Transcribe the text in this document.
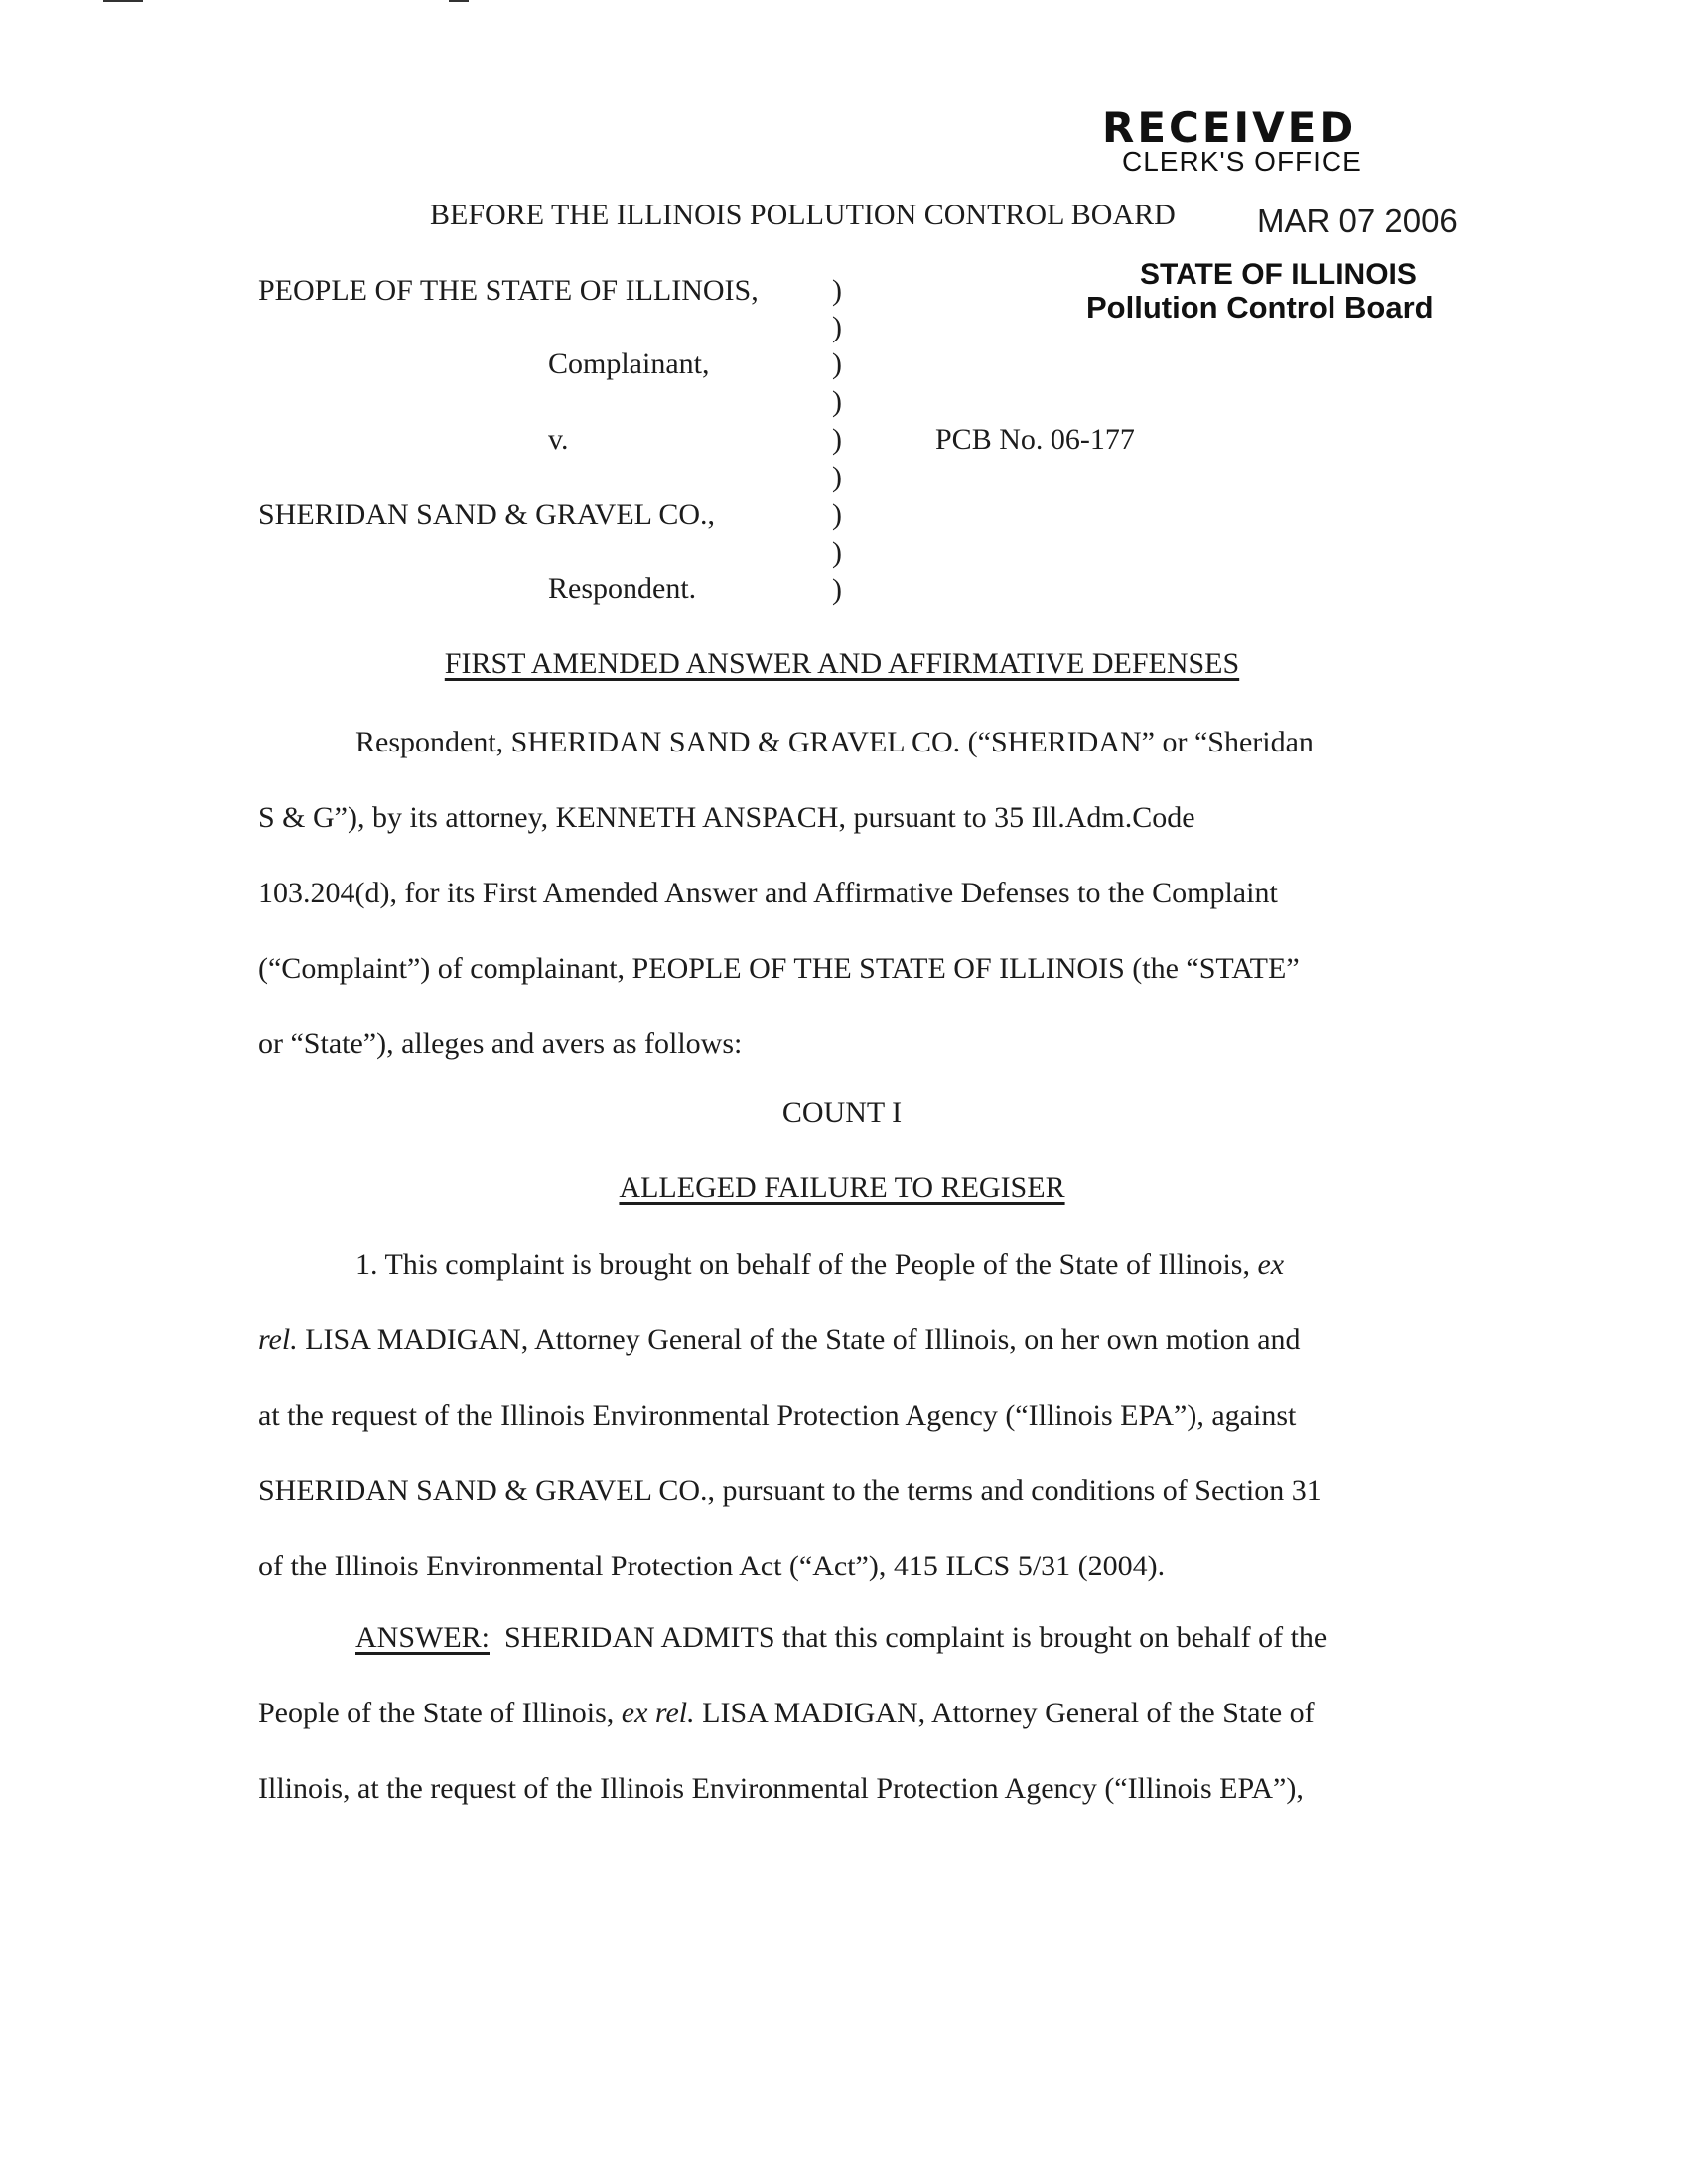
RECEIVED
CLERK'S OFFICE
BEFORE THE ILLINOIS POLLUTION CONTROL BOARD MAR 07 2006
STATE OF ILLINOIS
Pollution Control Board
PEOPLE OF THE STATE OF ILLINOIS,
Complainant,
v.
SHERIDAN SAND & GRAVEL CO.,
Respondent.
)
)
)
)
)
)
)
)
)
PCB No. 06-177
FIRST AMENDED ANSWER AND AFFIRMATIVE DEFENSES
Respondent, SHERIDAN SAND & GRAVEL CO. (“SHERIDAN” or “Sheridan
S & G”), by its attorney, KENNETH ANSPACH, pursuant to 35 Ill.Adm.Code
103.204(d), for its First Amended Answer and Affirmative Defenses to the Complaint
(“Complaint”) of complainant, PEOPLE OF THE STATE OF ILLINOIS (the “STATE”
or “State”), alleges and avers as follows:
COUNT I
ALLEGED FAILURE TO REGISER
1. This complaint is brought on behalf of the People of the State of Illinois, ex
rel. LISA MADIGAN, Attorney General of the State of Illinois, on her own motion and
at the request of the Illinois Environmental Protection Agency (“Illinois EPA”), against
SHERIDAN SAND & GRAVEL CO., pursuant to the terms and conditions of Section 31
of the Illinois Environmental Protection Act (“Act”), 415 ILCS 5/31 (2004).
ANSWER: SHERIDAN ADMITS that this complaint is brought on behalf of the
People of the State of Illinois, ex rel. LISA MADIGAN, Attorney General of the State of
Illinois, at the request of the Illinois Environmental Protection Agency (“Illinois EPA”),
